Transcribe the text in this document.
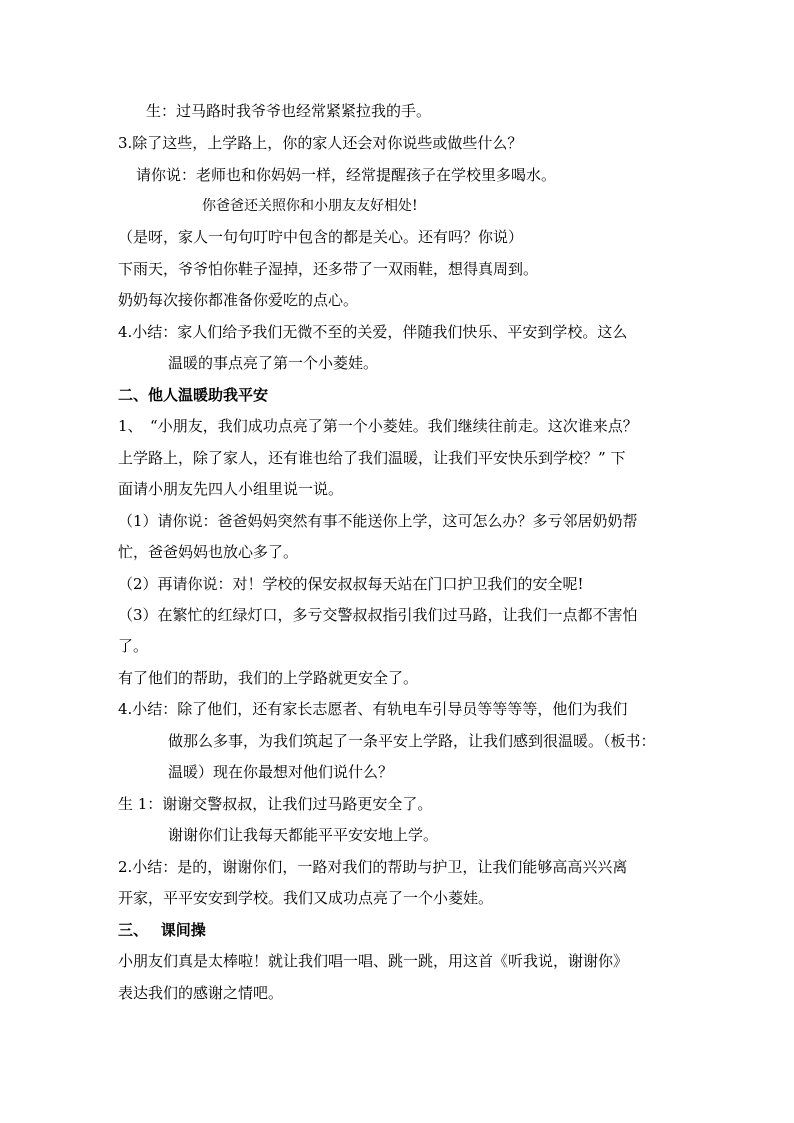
生：过马路时我爷爷也经常紧紧拉我的手。
3.除了这些，上学路上，你的家人还会对你说些或做些什么？
请你说：老师也和你妈妈一样，经常提醒孩子在学校里多喝水。
你爸爸还关照你和小朋友友好相处!
（是呀，家人一句句叮咛中包含的都是关心。还有吗？你说）
下雨天，爷爷怕你鞋子湿掉，还多带了一双雨鞋，想得真周到。
奶奶每次接你都准备你爱吃的点心。
4.小结：家人们给予我们无微不至的关爱，伴随我们快乐、平安到学校。这么
温暖的事点亮了第一个小菱娃。
二、他人温暖助我平安
1、　“小朋友，我们成功点亮了第一个小菱娃。我们继续往前走。这次谁来点？
上学路上，除了家人，还有谁也给了我们温暖，让我们平安快乐到学校？” 下
面请小朋友先四人小组里说一说。
（1）请你说：爸爸妈妈突然有事不能送你上学，这可怎么办？多亏邻居奶奶帮
忙，爸爸妈妈也放心多了。
（2）再请你说：对！学校的保安叔叔每天站在门口护卫我们的安全呢!
（3）在繁忙的红绿灯口，多亏交警叔叔指引我们过马路，让我们一点都不害怕
了。
有了他们的帮助，我们的上学路就更安全了。
4.小结：除了他们，还有家长志愿者、有轨电车引导员等等等等，他们为我们
做那么多事，为我们筑起了一条平安上学路，让我们感到很温暖。（板书：
温暖）现在你最想对他们说什么？
生 1：谢谢交警叔叔，让我们过马路更安全了。
谢谢你们让我每天都能平平安安地上学。
2.小结：是的，谢谢你们，一路对我们的帮助与护卫，让我们能够高高兴兴离
开家，平平安安到学校。我们又成功点亮了一个小菱娃。
三、　 课间操
小朋友们真是太棒啦！就让我们唱一唱、跳一跳，用这首《听我说，谢谢你》
表达我们的感谢之情吧。
